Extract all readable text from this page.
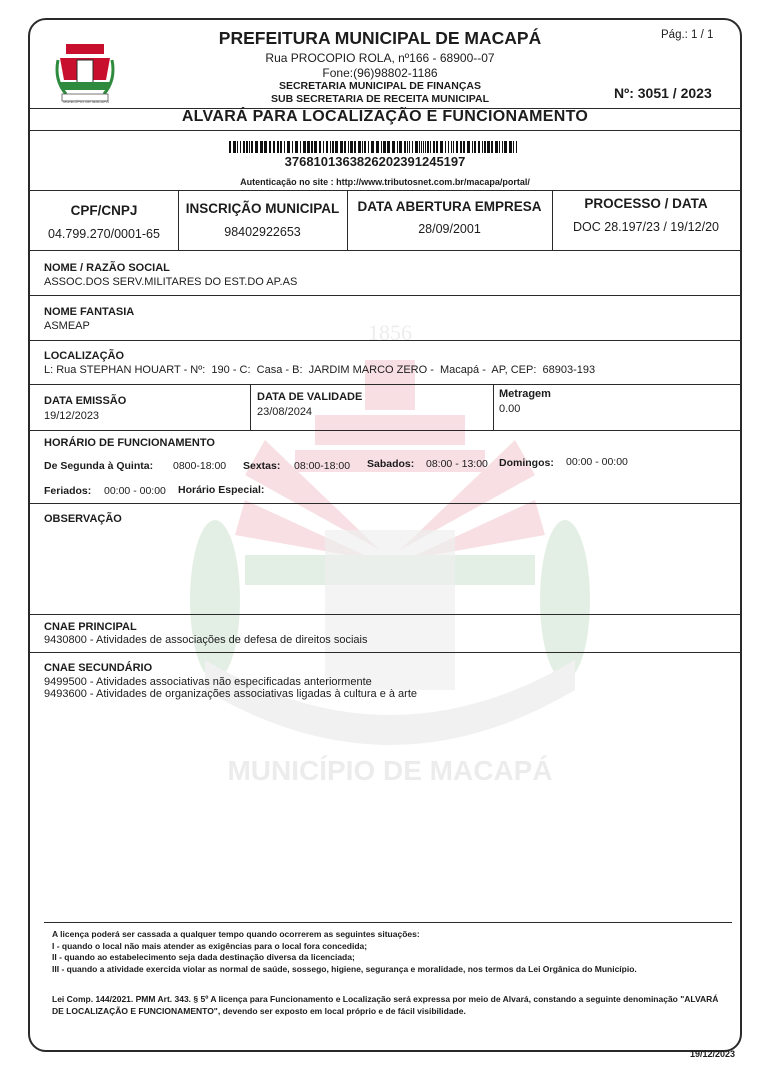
1856
MUNICÍPIO DE MACAPÁ
MUNICÍPIO DE MACAPÁ
PREFEITURA MUNICIPAL DE MACAPÁ
Rua PROCOPIO ROLA, nº166 - 68900--07
Fone:(96)98802-1186
SECRETARIA MUNICIPAL DE FINANÇAS
SUB SECRETARIA DE RECEITA MUNICIPAL
Pág.: 1 / 1
Nº: 3051 / 2023
ALVARÁ PARA LOCALIZAÇÃO E FUNCIONAMENTO
3768101363826202391245197
Autenticação no site : http://www.tributosnet.com.br/macapa/portal/
CPF/CNPJ
04.799.270/0001-65
INSCRIÇÃO MUNICIPAL
98402922653
DATA ABERTURA EMPRESA
28/09/2001
PROCESSO / DATA
DOC 28.197/23 / 19/12/20
NOME / RAZÃO SOCIAL
ASSOC.DOS SERV.MILITARES DO EST.DO AP.AS
NOME FANTASIA
ASMEAP
LOCALIZAÇÃO
L: Rua STEPHAN HOUART - Nº:  190 - C:  Casa - B:  JARDIM MARCO ZERO -  Macapá -  AP, CEP:  68903-193
DATA EMISSÃO
19/12/2023
DATA DE VALIDADE
23/08/2024
Metragem
0.00
HORÁRIO DE FUNCIONAMENTO
De Segunda à Quinta: 0800-18:00 Sextas: 08:00-18:00 Sabados: 08:00 - 13:00 Domingos: 00:00 - 00:00
Feriados: 00:00 - 00:00 Horário Especial:
OBSERVAÇÃO
CNAE PRINCIPAL
9430800 - Atividades de associações de defesa de direitos sociais
CNAE SECUNDÁRIO
9499500 - Atividades associativas não especificadas anteriormente
9493600 - Atividades de organizações associativas ligadas à cultura e à arte
A licença poderá ser cassada a qualquer tempo quando ocorrerem as seguintes situações:
I - quando o local não mais atender as exigências para o local fora concedida;
II - quando ao estabelecimento seja dada destinação diversa da licenciada;
III - quando a atividade exercida violar as normal de saúde, sossego, higiene, segurança e moralidade, nos termos da Lei Orgânica do Município.
Lei Comp. 144/2021. PMM Art. 343. § 5º A licença para Funcionamento e Localização será expressa por meio de Alvará, constando a seguinte denominação "ALVARÁ DE LOCALIZAÇÃO E FUNCIONAMENTO", devendo ser exposto em local próprio e de fácil visibilidade.
19/12/2023
